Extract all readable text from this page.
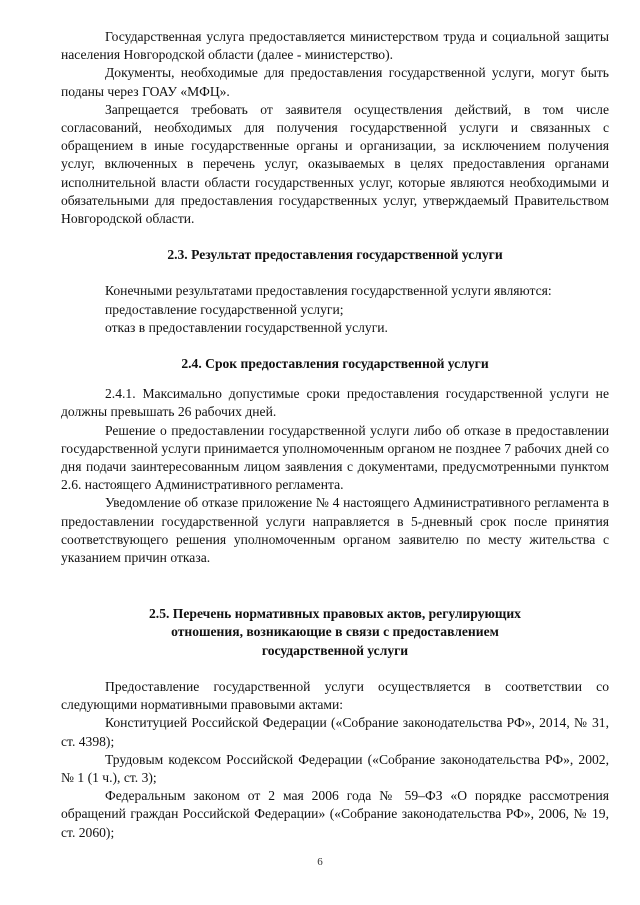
Государственная услуга предоставляется министерством труда и социальной защиты населения Новгородской области (далее - министерство).

Документы, необходимые для предоставления государственной услуги, могут быть поданы через ГОАУ «МФЦ».

Запрещается требовать от заявителя осуществления действий, в том числе согласований, необходимых для получения государственной услуги и связанных с обращением в иные государственные органы и организации, за исключением получения услуг, включенных в перечень услуг, оказываемых в целях предоставления органами исполнительной власти области государственных услуг, которые являются необходимыми и обязательными для предоставления государственных услуг, утверждаемый Правительством Новгородской области.

2.3. Результат предоставления государственной услуги

Конечными результатами предоставления государственной услуги являются:

предоставление государственной услуги;

отказ в предоставлении государственной услуги.

2.4. Срок предоставления государственной услуги

2.4.1. Максимально допустимые сроки предоставления государственной услуги не должны превышать 26 рабочих дней.

Решение о предоставлении государственной услуги либо об отказе в предоставлении государственной услуги принимается уполномоченным органом не позднее 7 рабочих дней со дня подачи заинтересованным лицом заявления с документами, предусмотренными пунктом 2.6. настоящего Административного регламента.

Уведомление об отказе приложение № 4 настоящего Административного регламента в предоставлении государственной услуги направляется в 5-дневный срок после принятия соответствующего решения уполномоченным органом заявителю по месту жительства с указанием причин отказа.

2.5. Перечень нормативных правовых актов, регулирующих
отношения, возникающие в связи с предоставлением
государственной услуги

Предоставление государственной услуги осуществляется в соответствии со следующими нормативными правовыми актами:

Конституцией Российской Федерации («Собрание законодательства РФ», 2014, № 31, ст. 4398);

Трудовым кодексом Российской Федерации («Собрание законодательства РФ», 2002, № 1 (1 ч.), ст. 3);

Федеральным законом от 2 мая 2006 года № 59–ФЗ «О порядке рассмотрения обращений граждан Российской Федерации» («Собрание законодательства РФ», 2006, № 19, ст. 2060);

6
